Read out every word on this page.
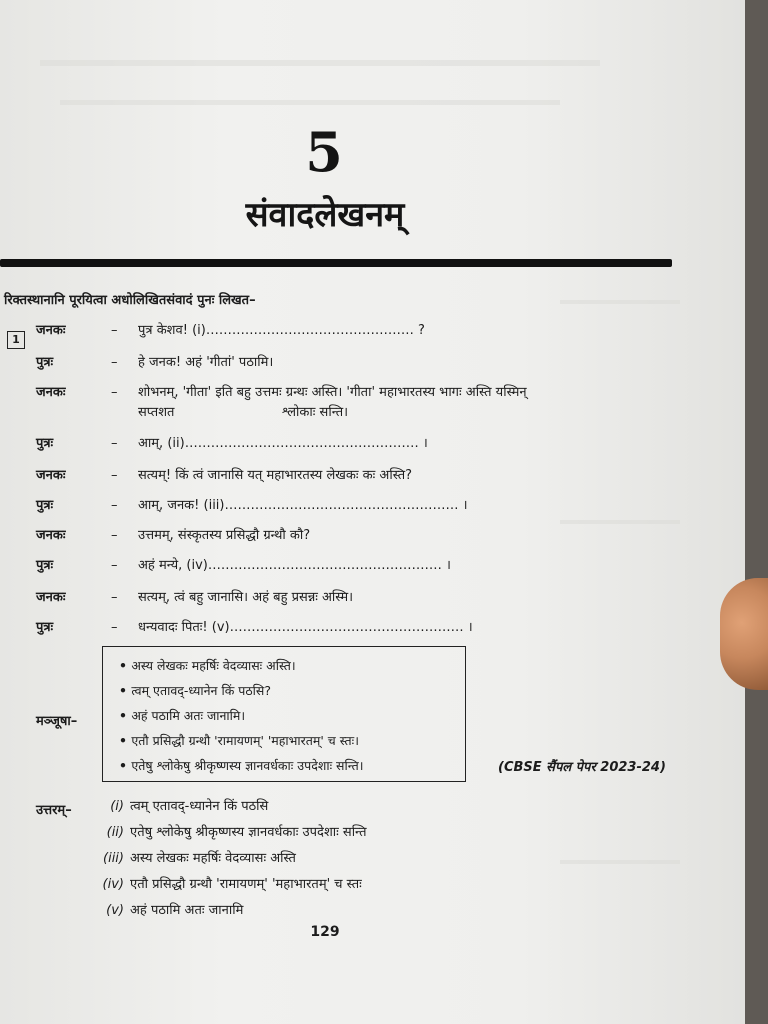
5
संवादलेखनम्
रिक्तस्थानानि पूरयित्वा अधोलिखितसंवादं पुनः लिखत–
1
जनकः	– पुत्र केशव! (i)………………………………………… ?
पुत्रः	– हे जनक! अहं 'गीतां' पठामि।
जनकः	– शोभनम्, 'गीता' इति बहु उत्तमः ग्रन्थः अस्ति। 'गीता' महाभारतस्य भागः अस्ति यस्मिन्
सप्तशत                          श्लोकाः सन्ति।
पुत्रः	– आम्, (ii)……………………………………………… ।
जनकः	– सत्यम्! किं त्वं जानासि यत् महाभारतस्य लेखकः कः अस्ति?
पुत्रः	– आम्, जनक! (iii)……………………………………………… ।
जनकः	– उत्तमम्, संस्कृतस्य प्रसिद्धौ ग्रन्थौ कौ?
पुत्रः	– अहं मन्ये, (iv)……………………………………………… ।
जनकः	– सत्यम्, त्वं बहु जानासि। अहं बहु प्रसन्नः अस्मि।
पुत्रः	– धन्यवादः पितः! (v)……………………………………………… ।
मञ्जूषा–
• अस्य लेखकः महर्षिः वेदव्यासः अस्ति।
• त्वम् एतावद्-ध्यानेन किं पठसि?
• अहं पठामि अतः जानामि।
• एतौ प्रसिद्धौ ग्रन्थौ 'रामायणम्' 'महाभारतम्' च स्तः।
• एतेषु श्लोकेषु श्रीकृष्णस्य ज्ञानवर्धकाः उपदेशाः सन्ति।	(CBSE सैंपल पेपर 2023-24)
उत्तरम्–	(i) त्वम् एतावद्-ध्यानेन किं पठसि
(ii) एतेषु श्लोकेषु श्रीकृष्णस्य ज्ञानवर्धकाः उपदेशाः सन्ति
(iii) अस्य लेखकः महर्षिः वेदव्यासः अस्ति
(iv) एतौ प्रसिद्धौ ग्रन्थौ 'रामायणम्' 'महाभारतम्' च स्तः
(v) अहं पठामि अतः जानामि
129
